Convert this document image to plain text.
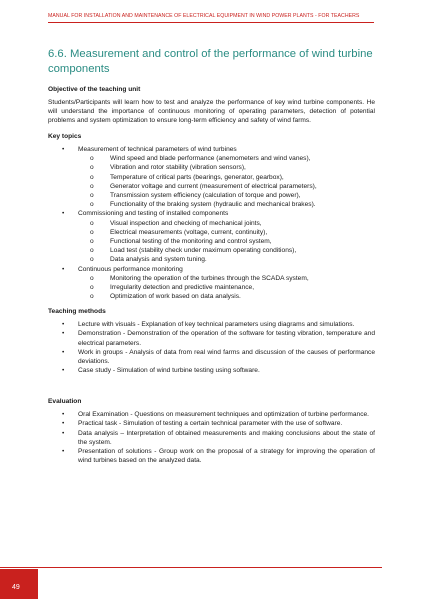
MANUAL FOR INSTALLATION AND MAINTENANCE OF ELECTRICAL EQUIPMENT IN WIND POWER PLANTS - FOR TEACHERS
6.6. Measurement and control of the performance of wind turbine components
Objective of the teaching unit
Students/Participants will learn how to test and analyze the performance of key wind turbine components. He will understand the importance of continuous monitoring of operating parameters, detection of potential problems and system optimization to ensure long-term efficiency and safety of wind farms.
Key topics
• Measurement of technical parameters of wind turbines
o Wind speed and blade performance (anemometers and wind vanes),
o Vibration and rotor stability (vibration sensors),
o Temperature of critical parts (bearings, generator, gearbox),
o Generator voltage and current (measurement of electrical parameters),
o Transmission system efficiency (calculation of torque and power),
o Functionality of the braking system (hydraulic and mechanical brakes).
• Commissioning and testing of installed components
o Visual inspection and checking of mechanical joints,
o Electrical measurements (voltage, current, continuity),
o Functional testing of the monitoring and control system,
o Load test (stability check under maximum operating conditions),
o Data analysis and system tuning.
• Continuous performance monitoring
o Monitoring the operation of the turbines through the SCADA system,
o Irregularity detection and predictive maintenance,
o Optimization of work based on data analysis.
Teaching methods
• Lecture with visuals - Explanation of key technical parameters using diagrams and simulations.
• Demonstration - Demonstration of the operation of the software for testing vibration, temperature and electrical parameters.
• Work in groups - Analysis of data from real wind farms and discussion of the causes of performance deviations.
• Case study - Simulation of wind turbine testing using software.
Evaluation
• Oral Examination - Questions on measurement techniques and optimization of turbine performance.
• Practical task - Simulation of testing a certain technical parameter with the use of software.
• Data analysis – Interpretation of obtained measurements and making conclusions about the state of the system.
• Presentation of solutions - Group work on the proposal of a strategy for improving the operation of wind turbines based on the analyzed data.
49
